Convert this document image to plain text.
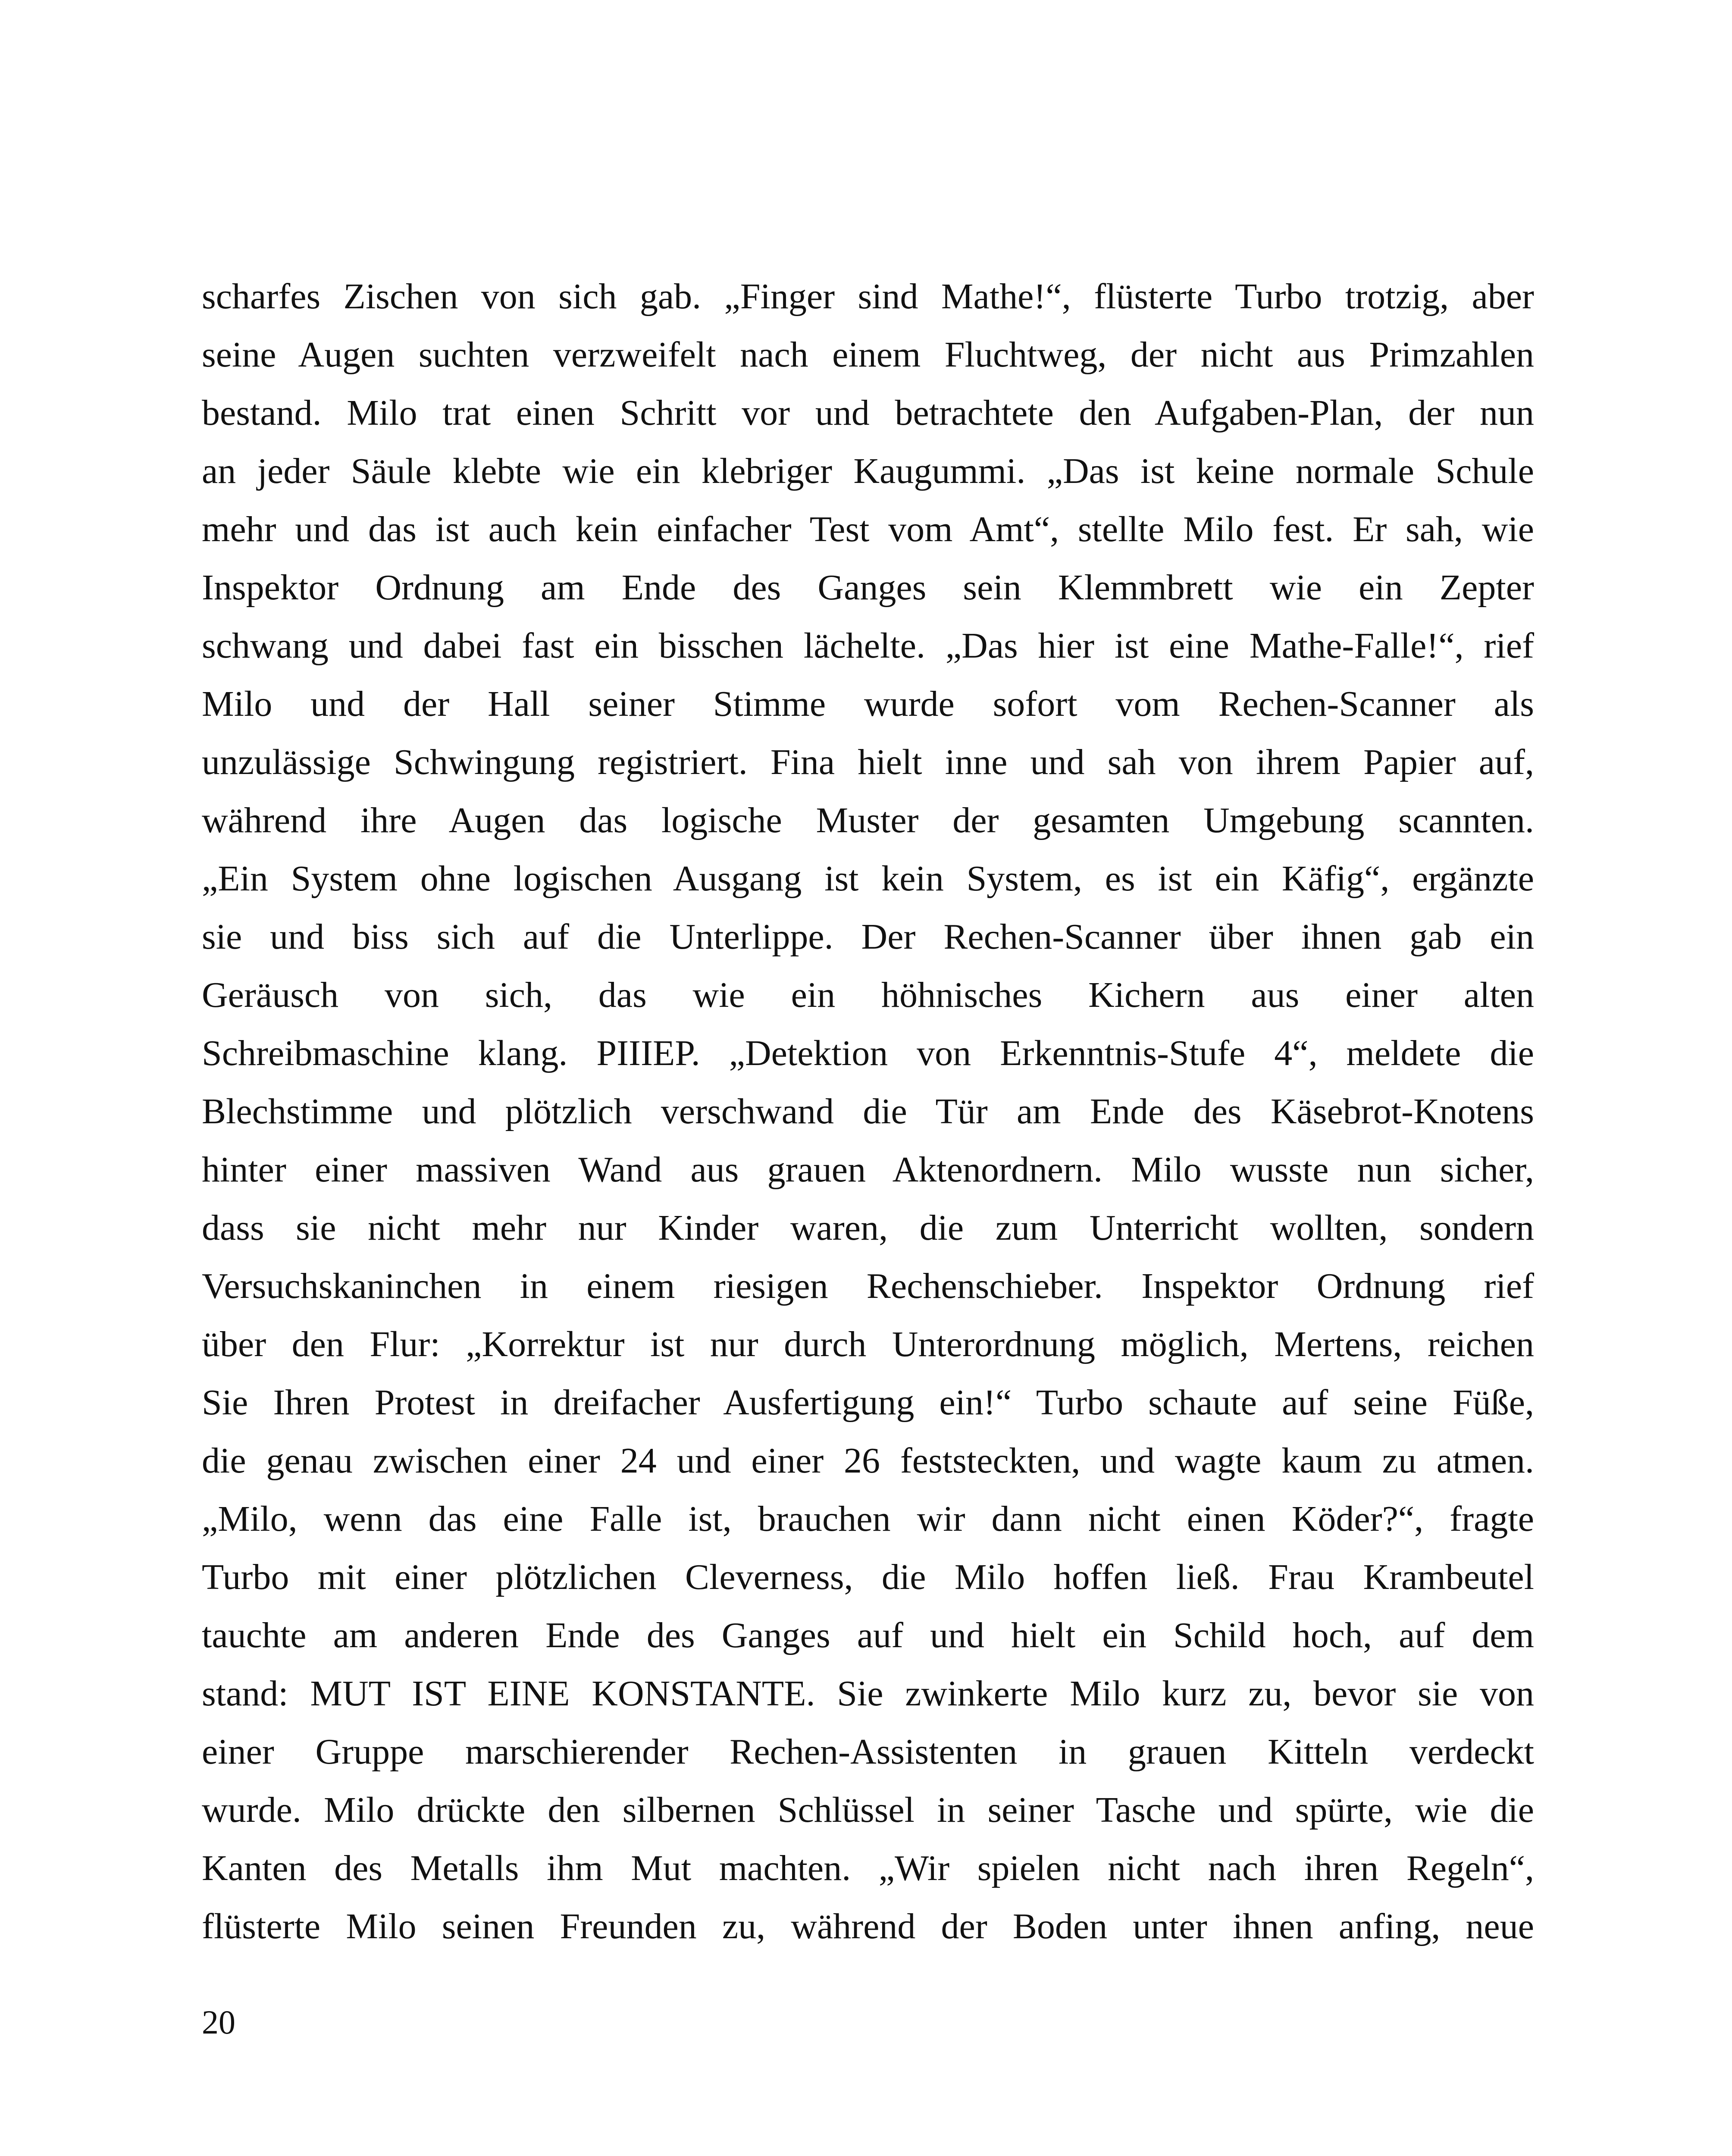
scharfes Zischen von sich gab. „Finger sind Mathe!“, flüsterte Turbo trotzig, aber
seine Augen suchten verzweifelt nach einem Fluchtweg, der nicht aus Primzahlen
bestand. Milo trat einen Schritt vor und betrachtete den Aufgaben-Plan, der nun
an jeder Säule klebte wie ein klebriger Kaugummi. „Das ist keine normale Schule
mehr und das ist auch kein einfacher Test vom Amt“, stellte Milo fest. Er sah, wie
Inspektor Ordnung am Ende des Ganges sein Klemmbrett wie ein Zepter
schwang und dabei fast ein bisschen lächelte. „Das hier ist eine Mathe-Falle!“, rief
Milo und der Hall seiner Stimme wurde sofort vom Rechen-Scanner als
unzulässige Schwingung registriert. Fina hielt inne und sah von ihrem Papier auf,
während ihre Augen das logische Muster der gesamten Umgebung scannten.
„Ein System ohne logischen Ausgang ist kein System, es ist ein Käfig“, ergänzte
sie und biss sich auf die Unterlippe. Der Rechen-Scanner über ihnen gab ein
Geräusch von sich, das wie ein höhnisches Kichern aus einer alten
Schreibmaschine klang. PIIIEP. „Detektion von Erkenntnis-Stufe 4“, meldete die
Blechstimme und plötzlich verschwand die Tür am Ende des Käsebrot-Knotens
hinter einer massiven Wand aus grauen Aktenordnern. Milo wusste nun sicher,
dass sie nicht mehr nur Kinder waren, die zum Unterricht wollten, sondern
Versuchskaninchen in einem riesigen Rechenschieber. Inspektor Ordnung rief
über den Flur: „Korrektur ist nur durch Unterordnung möglich, Mertens, reichen
Sie Ihren Protest in dreifacher Ausfertigung ein!“ Turbo schaute auf seine Füße,
die genau zwischen einer 24 und einer 26 feststeckten, und wagte kaum zu atmen.
„Milo, wenn das eine Falle ist, brauchen wir dann nicht einen Köder?“, fragte
Turbo mit einer plötzlichen Cleverness, die Milo hoffen ließ. Frau Krambeutel
tauchte am anderen Ende des Ganges auf und hielt ein Schild hoch, auf dem
stand: MUT IST EINE KONSTANTE. Sie zwinkerte Milo kurz zu, bevor sie von
einer Gruppe marschierender Rechen-Assistenten in grauen Kitteln verdeckt
wurde. Milo drückte den silbernen Schlüssel in seiner Tasche und spürte, wie die
Kanten des Metalls ihm Mut machten. „Wir spielen nicht nach ihren Regeln“,
flüsterte Milo seinen Freunden zu, während der Boden unter ihnen anfing, neue
20
